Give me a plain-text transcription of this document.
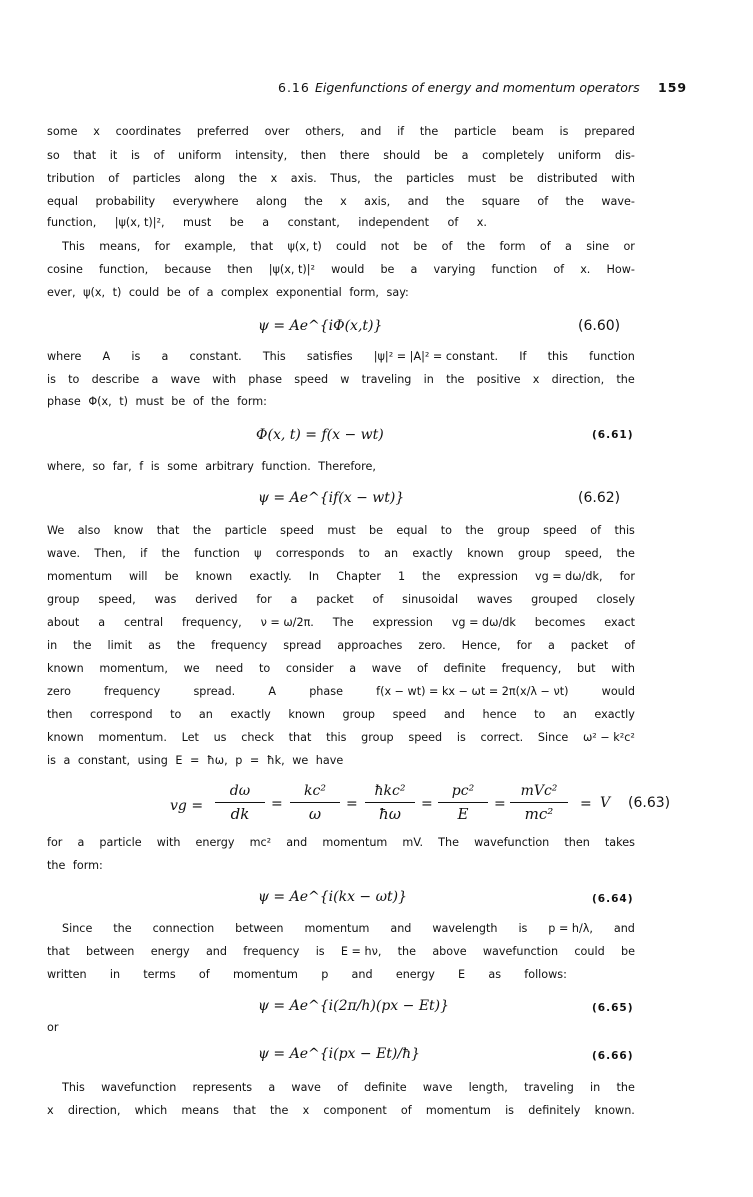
6.16 Eigenfunctions of energy and momentum operators 159
some x coordinates preferred over others, and if the particle beam is prepared
so that it is of uniform intensity, then there should be a completely uniform dis-
tribution of particles along the x axis. Thus, the particles must be distributed with
equal probability everywhere along the x axis, and the square of the wave-
function, |ψ(x, t)|², must be a constant, independent of x.
This means, for example, that ψ(x, t) could not be of the form of a sine or
cosine function, because then |ψ(x, t)|² would be a varying function of x. How-
ever, ψ(x, t) could be of a complex exponential form, say:
ψ = Ae^{iΦ(x,t)}	(6.60)
where A is a constant. This satisfies |ψ|² = |A|² = constant. If this function
is to describe a wave with phase speed w traveling in the positive x direction, the
phase Φ(x, t) must be of the form:
Φ(x, t) = f(x − wt)	(6.61)
where, so far, f is some arbitrary function. Therefore,
ψ = Ae^{if(x − wt)}	(6.62)
We also know that the particle speed must be equal to the group speed of this
wave. Then, if the function ψ corresponds to an exactly known group speed, the
momentum will be known exactly. In Chapter 1 the expression vg = dω/dk, for
group speed, was derived for a packet of sinusoidal waves grouped closely
about a central frequency, ν = ω/2π. The expression vg = dω/dk becomes exact
in the limit as the frequency spread approaches zero. Hence, for a packet of
known momentum, we need to consider a wave of definite frequency, but with
zero	frequency	spread.	A	phase	f(x − wt) = kx − ωt = 2π(x/λ − νt)	would
then correspond to an exactly known group speed and hence to an exactly
known momentum. Let us check that this group speed is correct. Since ω² − k²c²
is a constant, using E = ħω, p = ħk, we have
vg = $\frac{d\omega}{dk} = \frac{\text{kc²}}{\omega}$ =
ħkc²
ħω
= $\frac{\text{pc²}}{E}$ =
mVc²
mc²
= V (6.63)
for a particle with energy mc² and momentum mV. The wavefunction then takes
the form:
ψ = Ae^{i(kx − ωt)}	(6.64)
Since the connection between momentum and wavelength is p = h/λ, and
that between energy and frequency is E = hν, the above wavefunction could be
written in terms of momentum p and energy E as follows:
ψ = Ae^{i(2π/h)(px − Et)}	(6.65)
or
ψ = Ae^{i(px − Et)/ħ}	(6.66)
This wavefunction represents a wave of definite wave length, traveling in the
x direction, which means that the x component of momentum is definitely known.
